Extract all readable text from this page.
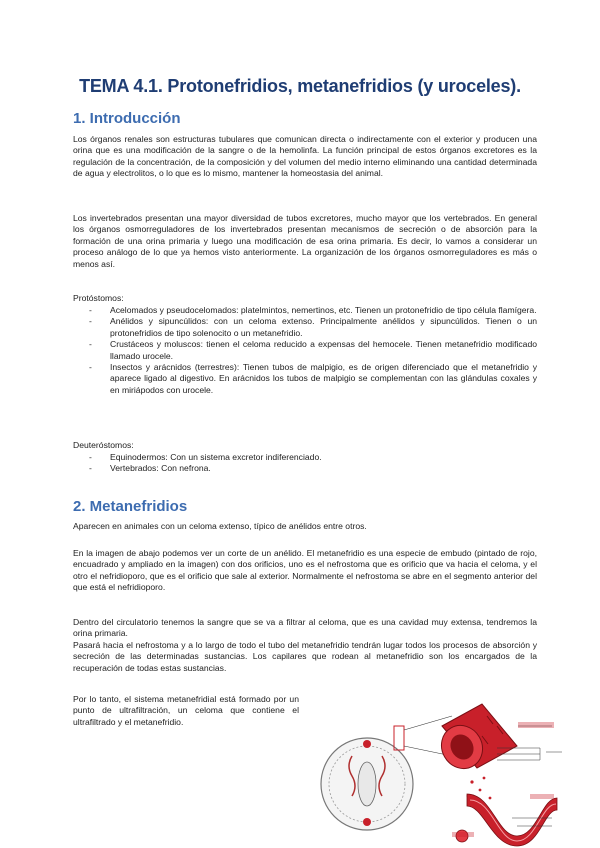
TEMA 4.1. Protonefridios, metanefridios (y uroceles).
1. Introducción

Los órganos renales son estructuras tubulares que comunican directa o indirectamente con el exterior y producen una orina que es una modificación de la sangre o de la hemolinfa. La función principal de estos órganos excretores es la regulación de la concentración, de la composición y del volumen del medio interno eliminando una cantidad determinada de agua y electrolitos, o lo que es lo mismo, mantener la homeostasia del animal.

Los invertebrados presentan una mayor diversidad de tubos excretores, mucho mayor que los vertebrados. En general los órganos osmorreguladores de los invertebrados presentan mecanismos de secreción o de absorción para la formación de una orina primaria y luego una modificación de esa orina primaria. Es decir, lo vamos a considerar un proceso análogo de lo que ya hemos visto anteriormente. La organización de los órganos osmorreguladores es más o menos así.

Protóstomos:

- Acelomados y pseudocelomados: platelmintos, nemertinos, etc. Tienen un protonefridio de tipo célula flamígera.
- Anélidos y sipuncúlidos: con un celoma extenso. Principalmente anélidos y sipuncúlidos. Tienen o un protonefridios de tipo solenocito o un metanefridio.
- Crustáceos y moluscos: tienen el celoma reducido a expensas del hemocele. Tienen metanefridio modificado llamado urocele.
- Insectos y arácnidos (terrestres): Tienen tubos de malpigio, es de origen diferenciado que el metanefridio y aparece ligado al digestivo. En arácnidos los tubos de malpigio se complementan con las glándulas coxales y en miriápodos con urocele.

Deuteróstomos:

- Equinodermos: Con un sistema excretor indiferenciado.
- Vertebrados: Con nefrona.
2. Metanefridios

Aparecen en animales con un celoma extenso, típico de anélidos entre otros.

En la imagen de abajo podemos ver un corte de un anélido. El metanefridio es una especie de embudo (pintado de rojo, encuadrado y ampliado en la imagen) con dos orificios, uno es el nefrostoma que es orificio que va hacia el celoma, y el otro el nefridioporo, que es el orificio que sale al exterior. Normalmente el nefrostoma se abre en el segmento anterior del que está el nefridioporo.

Dentro del circulatorio tenemos la sangre que se va a filtrar al celoma, que es una cavidad muy extensa, tendremos la orina primaria.

Pasará hacia el nefrostoma y a lo largo de todo el tubo del metanefridio tendrán lugar todos los procesos de absorción y secreción de las determinadas sustancias. Los capilares que rodean al metanefridio son los encargados de la recuperación de todas estas sustancias.

Por lo tanto, el sistema metanefridial está formado por un punto de ultrafiltración, un celoma que contiene el ultrafiltrado y el metanefridio.
